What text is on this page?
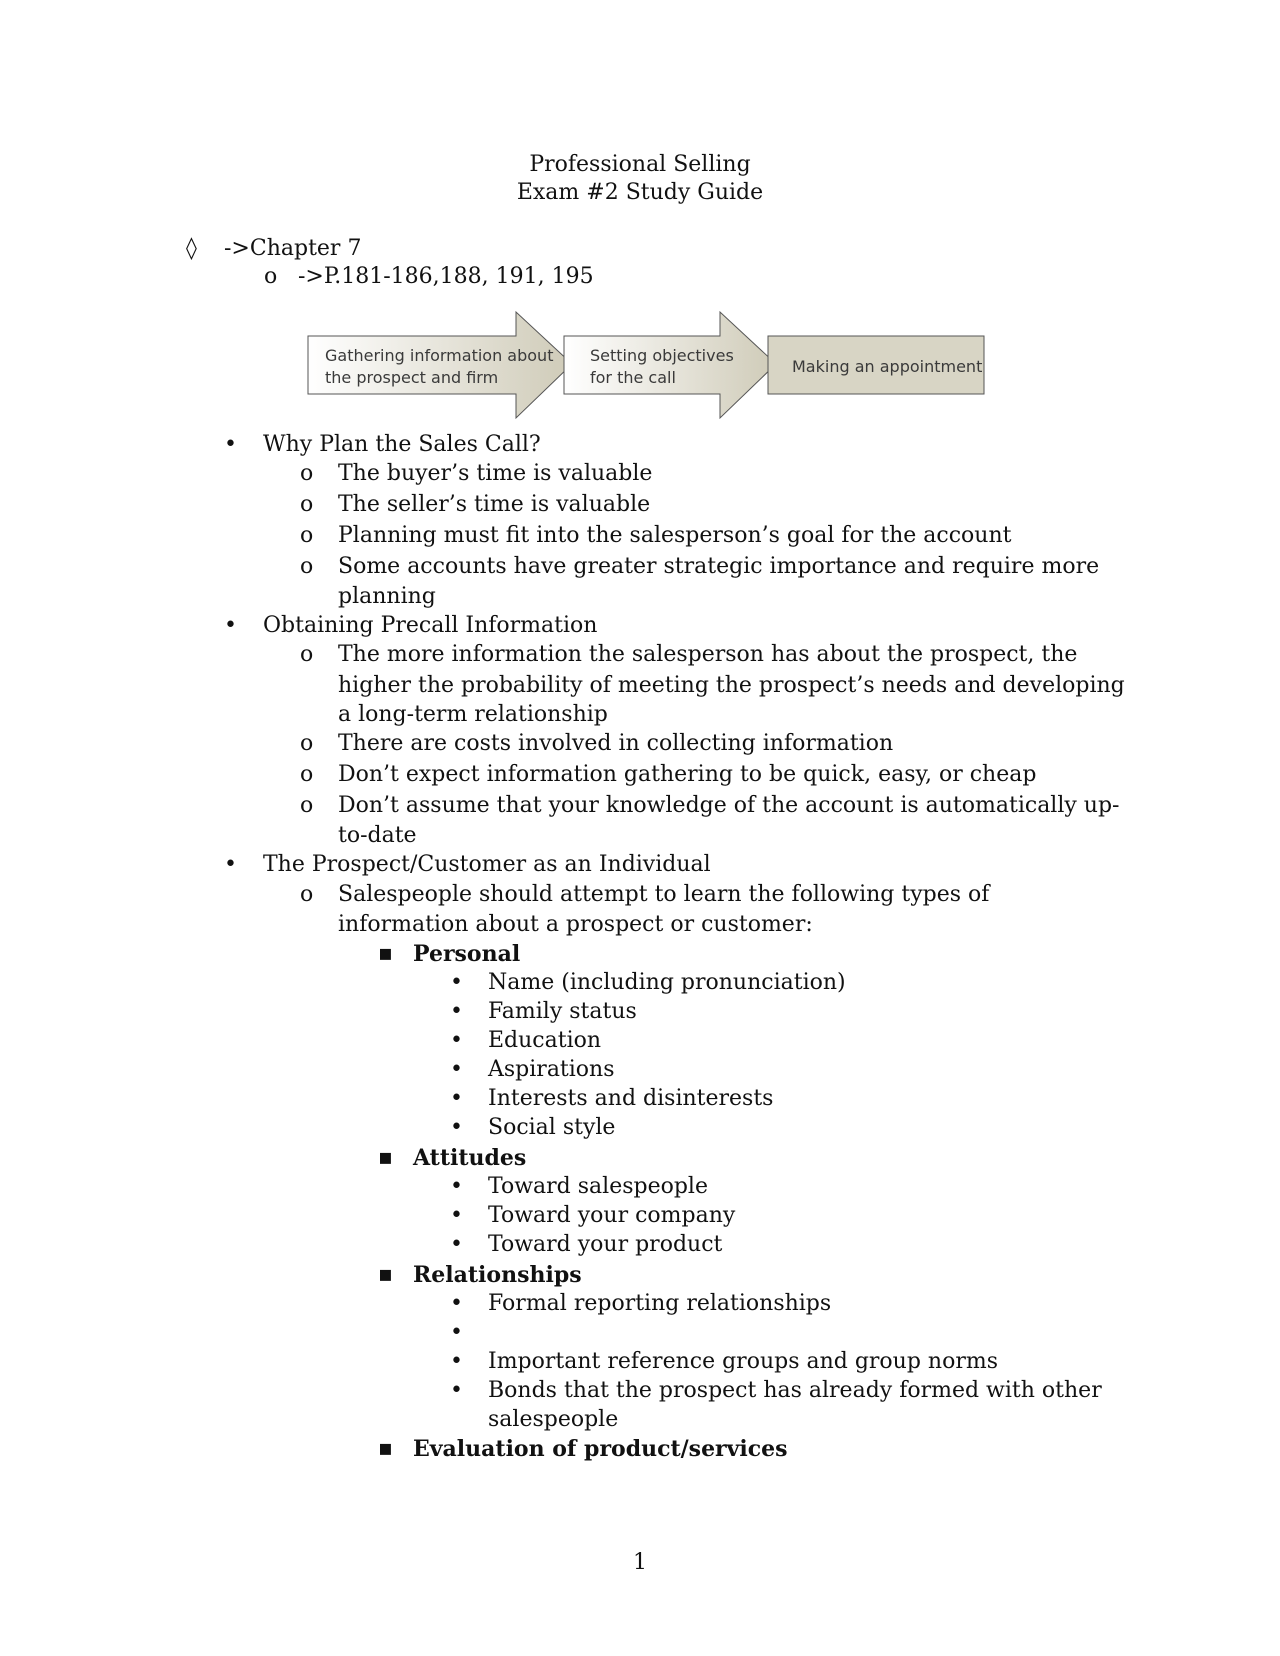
Professional Selling
Exam #2 Study Guide
◊ ->Chapter 7
o ->P.181-186,188, 191, 195
Gathering information about
the prospect and firm
Setting objectives
for the call
Making an appointment
• Why Plan the Sales Call?
o The buyer’s time is valuable
o The seller’s time is valuable
o Planning must fit into the salesperson’s goal for the account
o Some accounts have greater strategic importance and require more
planning
• Obtaining Precall Information
o The more information the salesperson has about the prospect, the
higher the probability of meeting the prospect’s needs and developing
a long-term relationship
o There are costs involved in collecting information
o Don’t expect information gathering to be quick, easy, or cheap
o Don’t assume that your knowledge of the account is automatically up-
to-date
• The Prospect/Customer as an Individual
o Salespeople should attempt to learn the following types of
information about a prospect or customer:
▪ Personal
• Name (including pronunciation)
• Family status
• Education
• Aspirations
• Interests and disinterests
• Social style
▪ Attitudes
• Toward salespeople
• Toward your company
• Toward your product
▪ Relationships
• Formal reporting relationships
•
• Important reference groups and group norms
• Bonds that the prospect has already formed with other
salespeople
▪ Evaluation of product/services
1
